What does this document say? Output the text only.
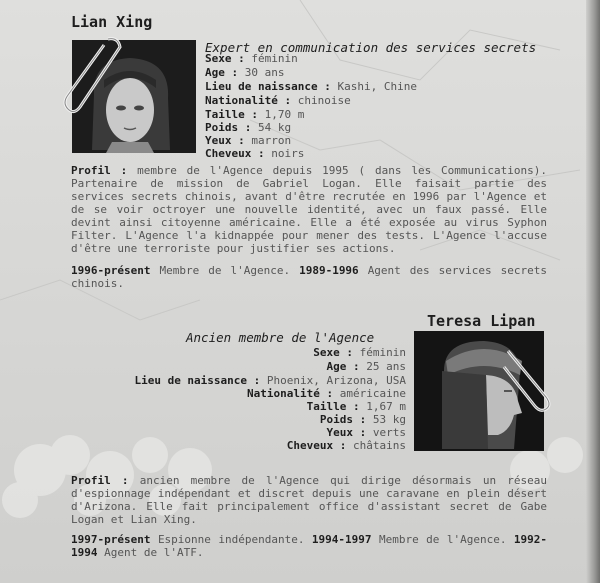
Lian Xing
Expert en communication des services secrets
Sexe : féminin
Age : 30 ans
Lieu de naissance : Kashi, Chine
Nationalité : chinoise
Taille : 1,70 m
Poids : 54 kg
Yeux : marron
Cheveux : noirs
Profil : membre de l'Agence depuis 1995 ( dans les Communications). Partenaire de mission de Gabriel Logan. Elle faisait partie des services secrets chinois, avant d'être recrutée en 1996 par l'Agence et de se voir octroyer une nouvelle identité, avec un faux passé. Elle devint ainsi citoyenne américaine. Elle a été exposée au virus Syphon Filter. L'Agence l'a kidnappée pour mener des tests. L'Agence l'accuse d'être une terroriste pour justifier ses actions.
1996-présent Membre de l'Agence. 1989-1996 Agent des services secrets chinois.
Teresa Lipan
Ancien membre de l'Agence
Sexe : féminin
Age : 25 ans
Lieu de naissance : Phoenix, Arizona, USA
Nationalité : américaine
Taille : 1,67 m
Poids : 53 kg
Yeux : verts
Cheveux : châtains
Profil : ancien membre de l'Agence qui dirige désormais un réseau d'espionnage indépendant et discret depuis une caravane en plein désert d'Arizona. Elle fait principalement office d'assistant secret de Gabe Logan et Lian Xing.
1997-présent Espionne indépendante. 1994-1997 Membre de l'Agence. 1992-1994 Agent de l'ATF.
